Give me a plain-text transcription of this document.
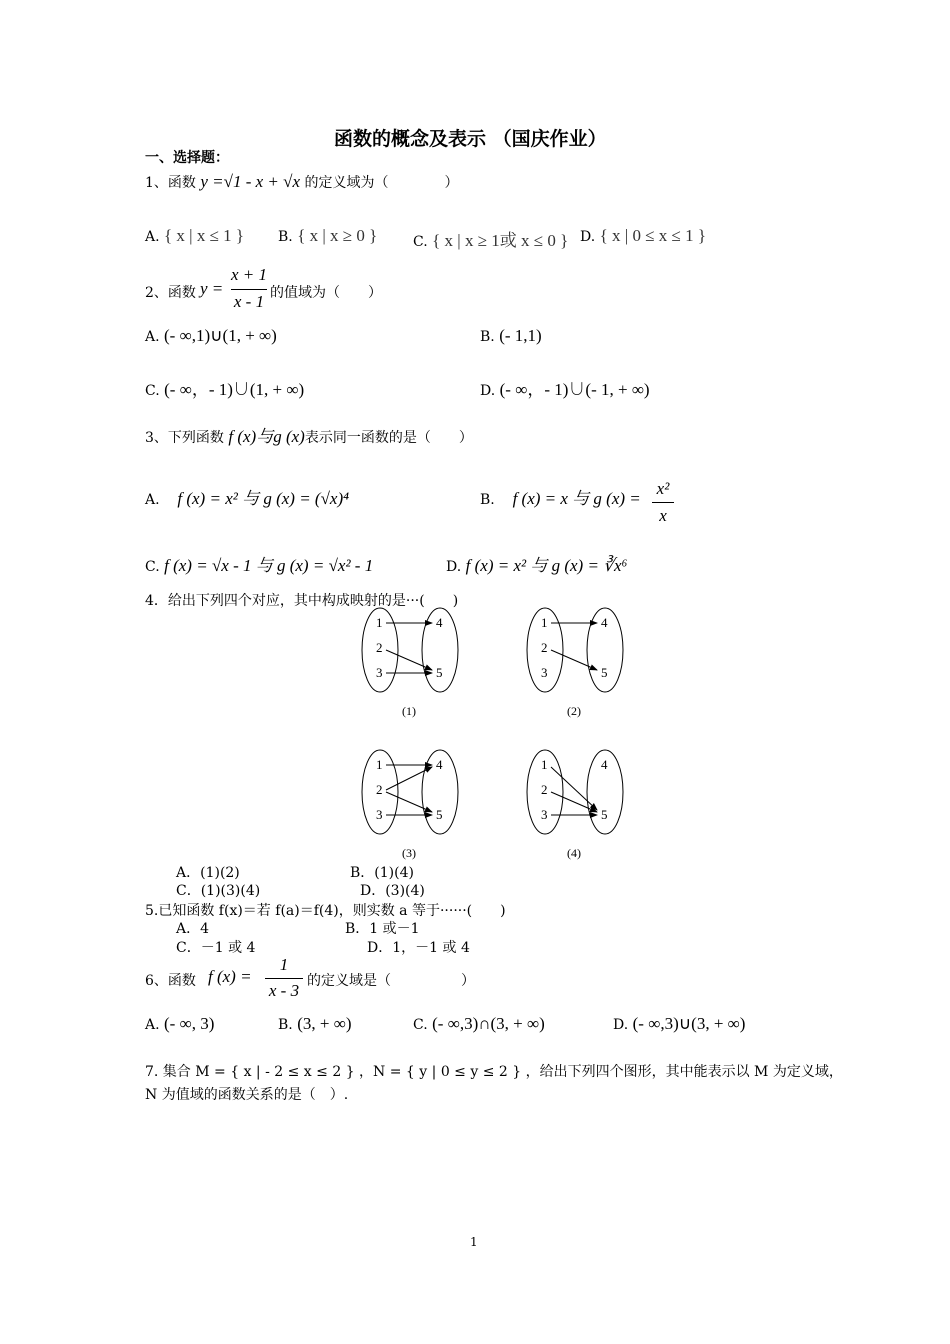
函数的概念及表示 （国庆作业）
一、选择题：
1、函数 y =√1 - x + √x 的定义域为（　　　　）
A. { x | x ≤ 1 } B. { x | x ≥ 0 }	C. { x | x ≥ 1或 x ≤ 0 } D. { x | 0 ≤ x ≤ 1 }
2、函数 y =
x + 1
x - 1 的值域为（　　）
A. (- ∞,1)∪(1, + ∞)	B. (- 1,1)
C. (- ∞，- 1)∪(1, + ∞)	D. (- ∞，- 1)∪(- 1, + ∞)
3、下列函数 f (x)与g (x)表示同一函数的是（　　）
A. f (x) = x² 与 g (x) = (√x)⁴	B. f (x) = x 与 g (x) =
x²
x
C. f (x) = √x - 1 与 g (x) = √x² - 1	D. f (x) = x² 与 g (x) = ∛x⁶
4．给出下列四个对应，其中构成映射的是···(　　)
1
2
3
4
5
(1)
1
2
3
4
5
(2)
1
2
3
4
5
(3)
1
2
3
4
5
(4)
A．(1)(2)	B．(1)(4)
C．(1)(3)(4)	D．(3)(4)
5.已知函数 f(x)＝若 f(a)＝f(4)，则实数 a 等于······(　　)
A．4	B．1 或－1
C．－1 或 4	D．1，－1 或 4
6、函数 f (x) =
1
x - 3 的定义域是（　　　　　）
A. (- ∞, 3)	B. (3, + ∞)	C. (- ∞,3)∩(3, + ∞)	D. (- ∞,3)∪(3, + ∞)
7. 集合 M = { x | - 2 ≤ x ≤ 2 } ，N = { y | 0 ≤ y ≤ 2 } ，给出下列四个图形，其中能表示以 M 为定义域，
N 为值域的函数关系的是（　）.
1
